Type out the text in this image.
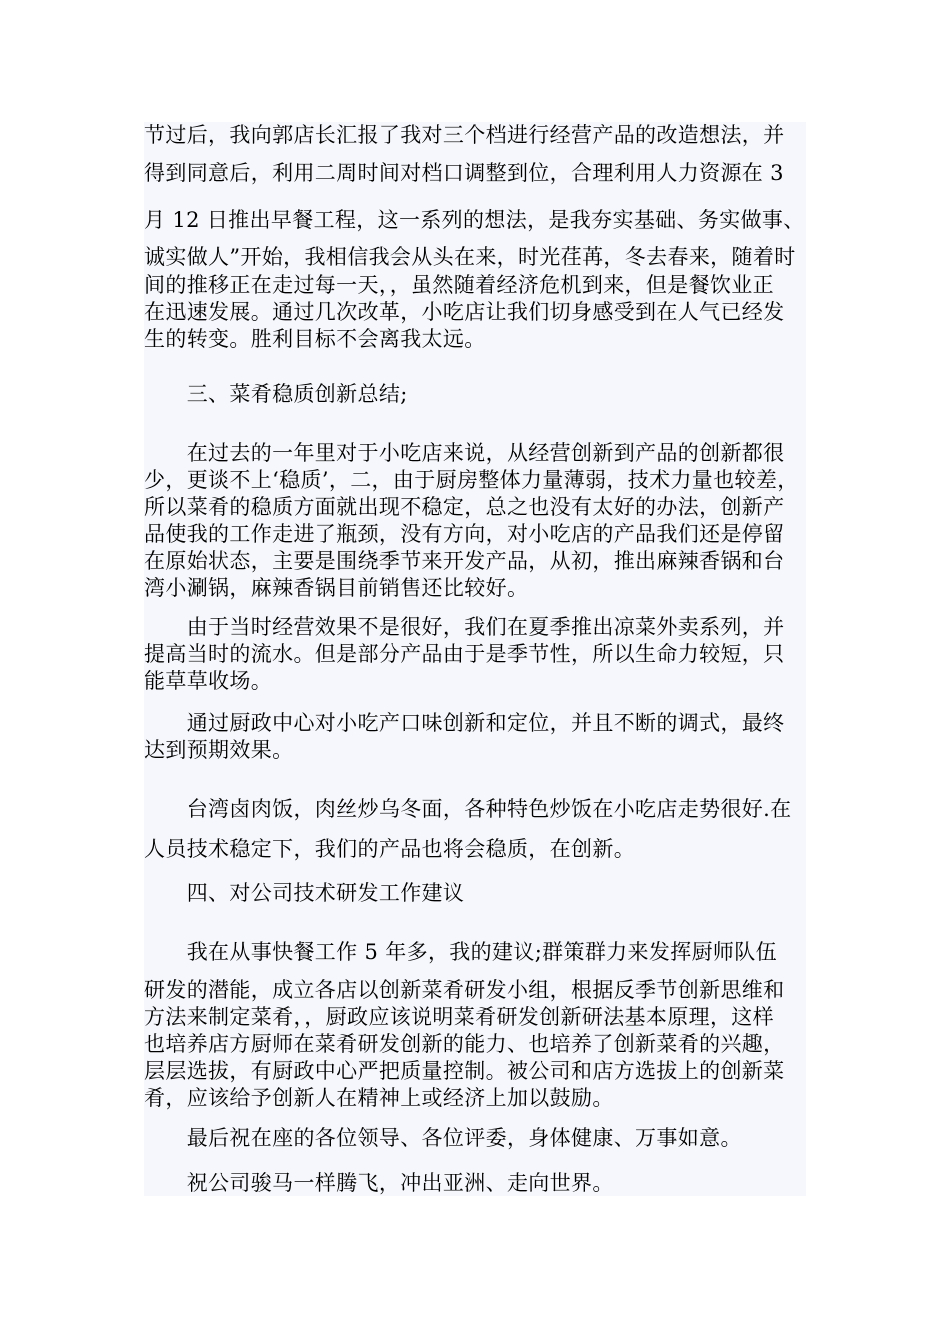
节过后，我向郭店长汇报了我对三个档进行经营产品的改造想法，并
得到同意后，利用二周时间对档口调整到位，合理利用人力资源在 3
月 12 日推出早餐工程，这一系列的想法，是我夯实基础、务实做事、
诚实做人”开始，我相信我会从头在来，时光荏苒，冬去春来，随着时
间的推移正在走过每一天，，虽然随着经济危机到来，但是餐饮业正
在迅速发展。通过几次改革，小吃店让我们切身感受到在人气已经发
生的转变。胜利目标不会离我太远。
　　三、菜肴稳质创新总结;
　　在过去的一年里对于小吃店来说，从经营创新到产品的创新都很
少，更谈不上‘稳质’，二，由于厨房整体力量薄弱，技术力量也较差，
所以菜肴的稳质方面就出现不稳定，总之也没有太好的办法，创新产
品使我的工作走进了瓶颈，没有方向，对小吃店的产品我们还是停留
在原始状态，主要是围绕季节来开发产品，从初，推出麻辣香锅和台
湾小涮锅，麻辣香锅目前销售还比较好。
　　由于当时经营效果不是很好，我们在夏季推出凉菜外卖系列，并
提高当时的流水。但是部分产品由于是季节性，所以生命力较短，只
能草草收场。
　　通过厨政中心对小吃产口味创新和定位，并且不断的调式，最终
达到预期效果。
　　台湾卤肉饭，肉丝炒乌冬面，各种特色炒饭在小吃店走势很好.在
人员技术稳定下，我们的产品也将会稳质，在创新。
　　四、对公司技术研发工作建议
　　我在从事快餐工作 5 年多，我的建议;群策群力来发挥厨师队伍
研发的潜能，成立各店以创新菜肴研发小组，根据反季节创新思维和
方法来制定菜肴，，厨政应该说明菜肴研发创新研法基本原理，这样
也培养店方厨师在菜肴研发创新的能力、也培养了创新菜肴的兴趣，
层层选拔，有厨政中心严把质量控制。被公司和店方选拔上的创新菜
肴，应该给予创新人在精神上或经济上加以鼓励。
　　最后祝在座的各位领导、各位评委，身体健康、万事如意。
　　祝公司骏马一样腾飞，冲出亚洲、走向世界。
